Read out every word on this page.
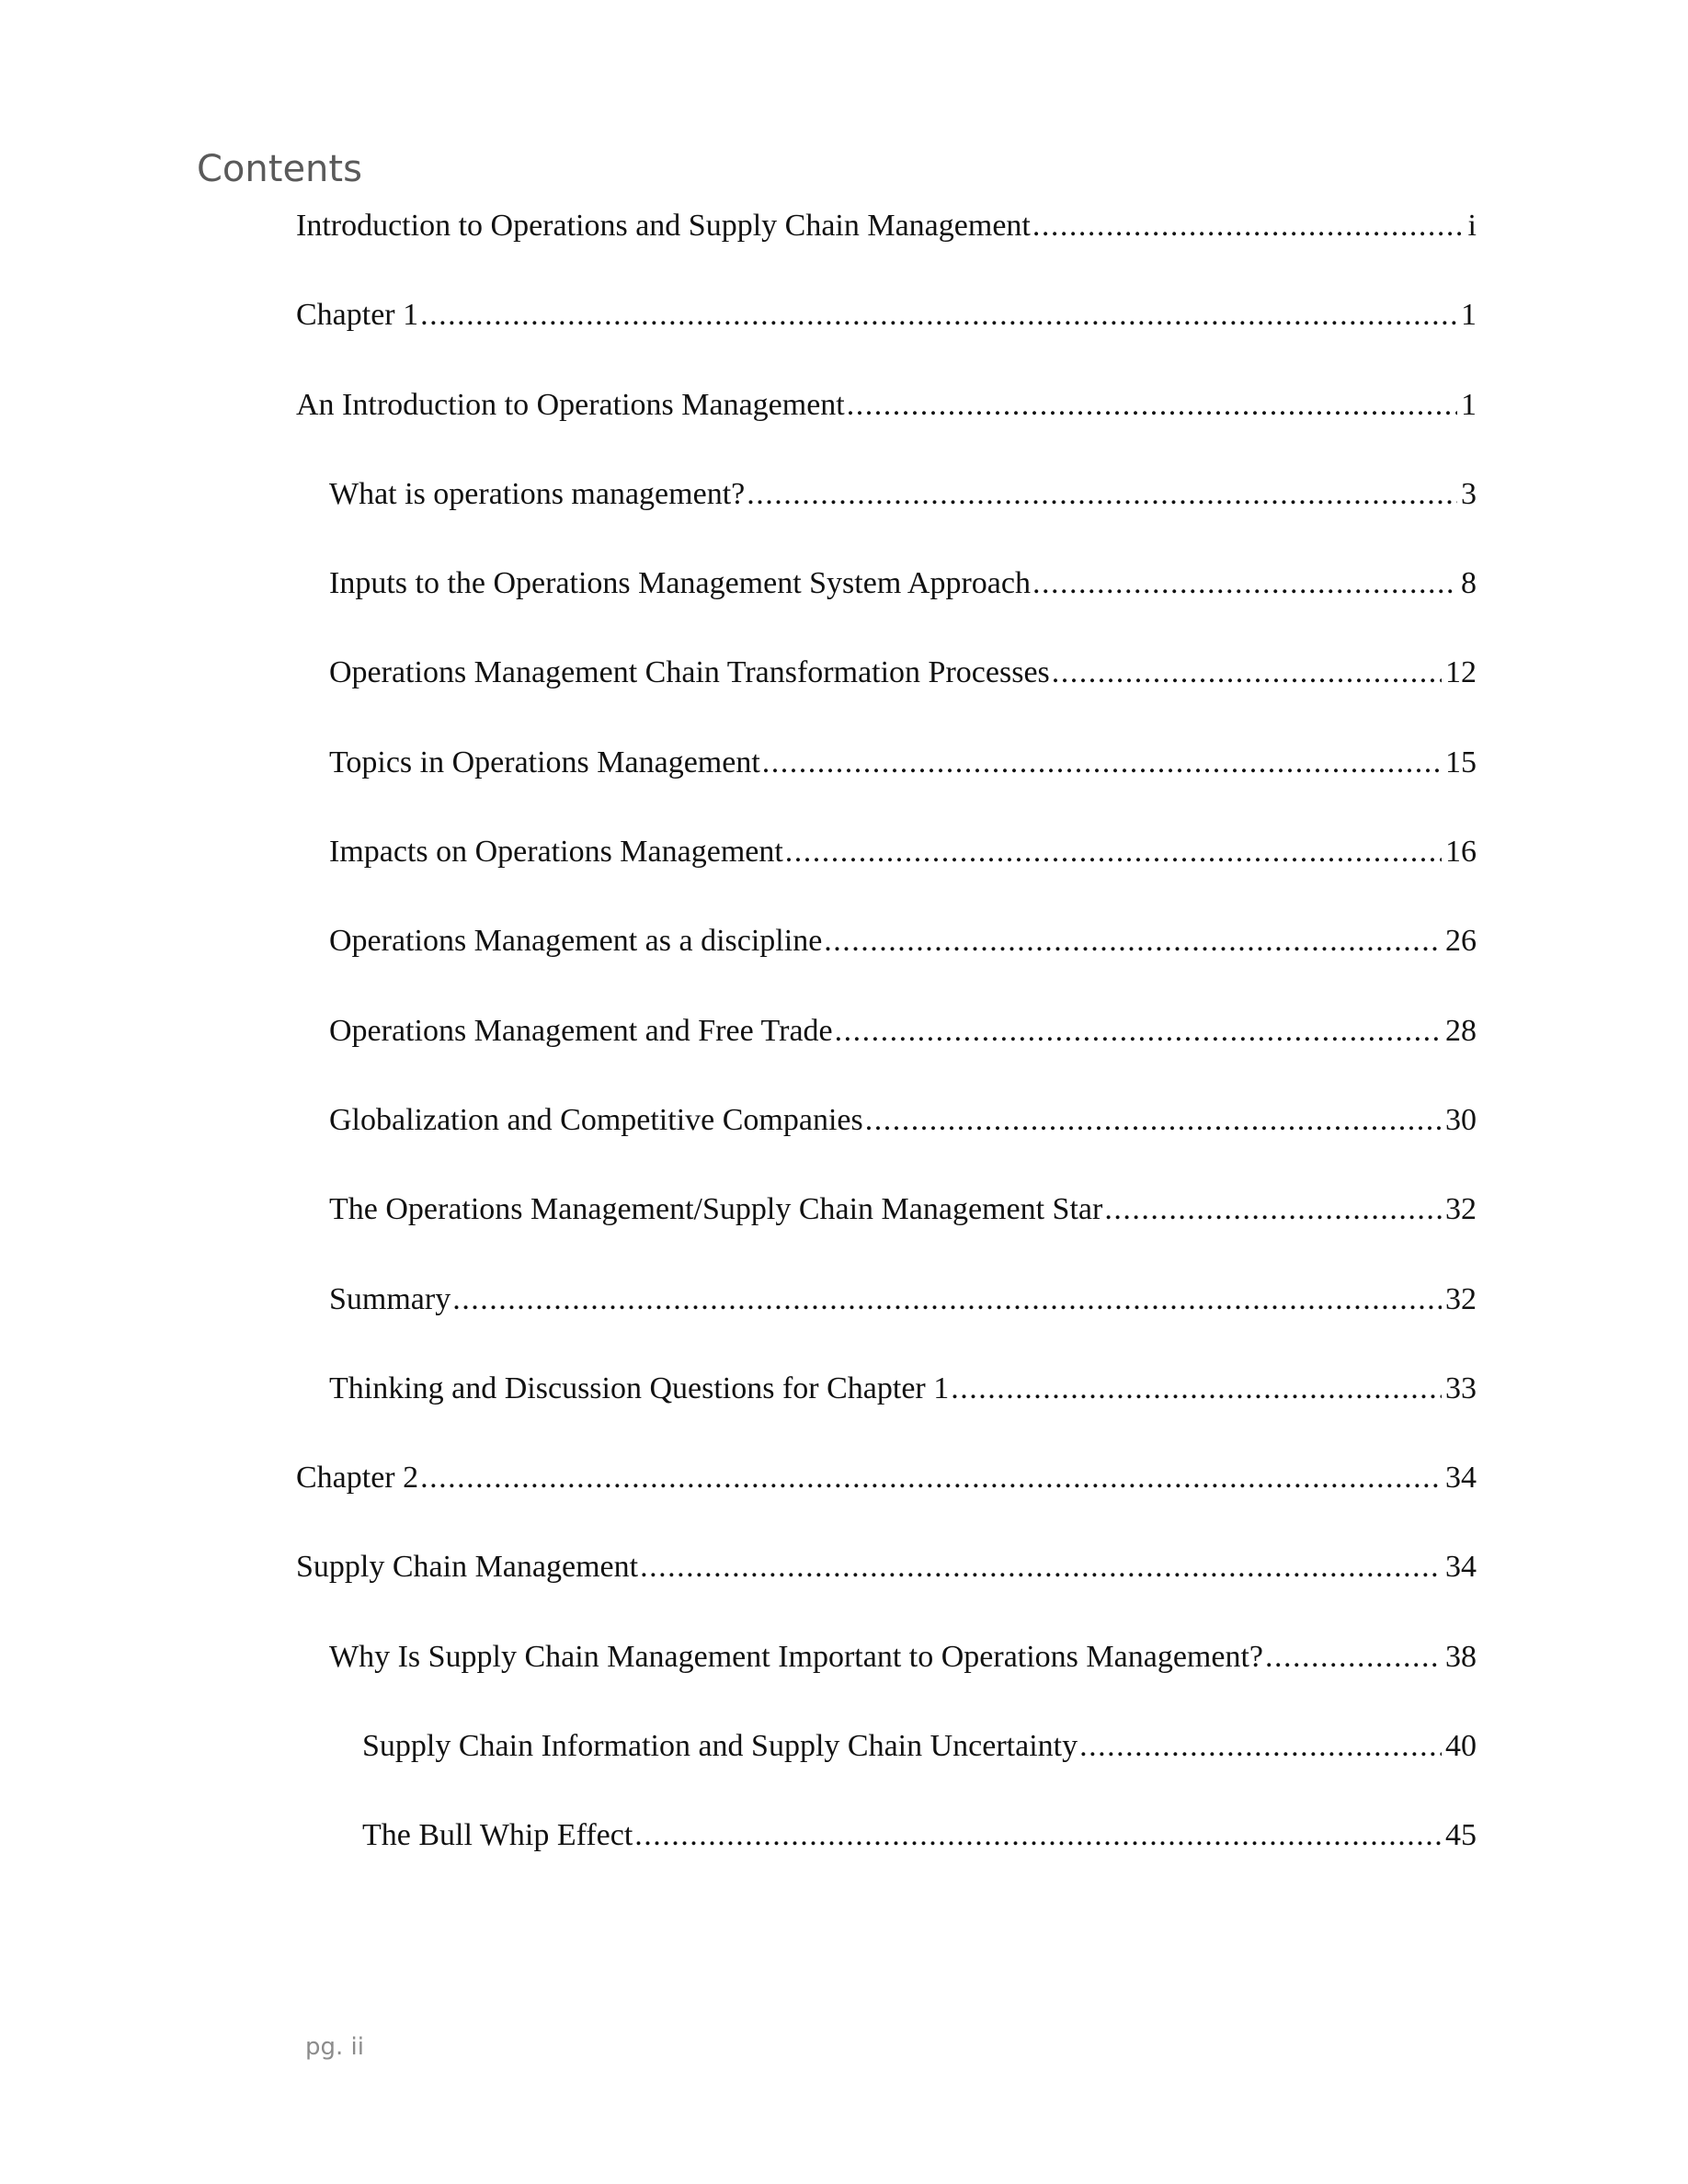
Contents
Introduction to Operations and Supply Chain Management .....	i
Chapter 1 .....	1
An Introduction to Operations Management .....	1
What is operations management? .....	3
Inputs to the Operations Management System Approach .....	8
Operations Management Chain Transformation Processes .....	12
Topics in Operations Management .....	15
Impacts on Operations Management .....	16
Operations Management as a discipline .....	26
Operations Management and Free Trade .....	28
Globalization and Competitive Companies .....	30
The Operations Management/Supply Chain Management Star .....	32
Summary .....	32
Thinking and Discussion Questions for Chapter 1 .....	33
Chapter 2 .....	34
Supply Chain Management .....	34
Why Is Supply Chain Management Important to Operations Management? .....	38
Supply Chain Information and Supply Chain Uncertainty .....	40
The Bull Whip Effect .....	45

pg. ii
